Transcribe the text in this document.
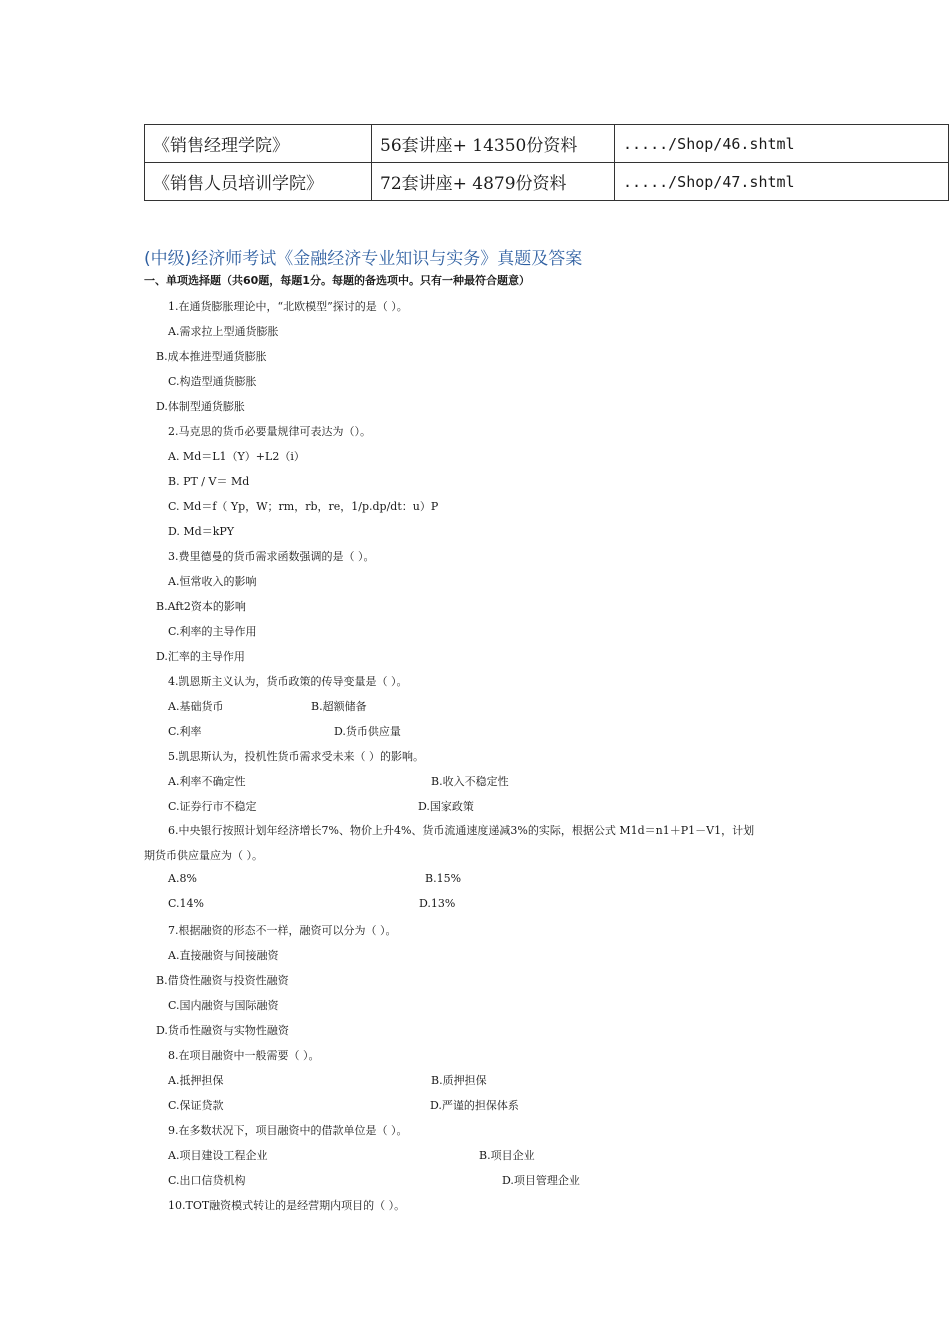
《销售经理学院》	56套讲座+ 14350份资料	...../Shop/46.shtml
《销售人员培训学院》	72套讲座+ 4879份资料	...../Shop/47.shtml
(中级)经济师考试《金融经济专业知识与实务》真题及答案
一、单项选择题（共60题，每题1分。每题的备选项中。只有一种最符合题意）
1.在通货膨胀理论中，“北欧模型”探讨的是（ ）。
A.需求拉上型通货膨胀
B.成本推进型通货膨胀
C.构造型通货膨胀
D.体制型通货膨胀
2.马克思的货币必要量规律可表达为（）。
A. Md＝L1（Y）+L2（i）
B. PT / V＝ Md
C. Md＝f（ Yp，W；rm，rb，re，1/p.dp/dt：u）P
D. Md＝kPY
3.费里德曼的货币需求函数强调的是（ ）。
A.恒常收入的影响
B.Aft2资本的影响
C.利率的主导作用
D.汇率的主导作用
4.凯恩斯主义认为，货币政策的传导变量是（ ）。
A.基础货币	B.超额储备
C.利率	D.货币供应量
5.凯思斯认为，投机性货币需求受未来（ ）的影响。
A.利率不确定性	B.收入不稳定性
C.证券行市不稳定	D.国家政策
6.中央银行按照计划年经济增长7%、物价上升4%、货币流通速度递减3%的实际，根据公式 M1d＝n1＋P1－V1，计划
期货币供应量应为（ ）。
A.8%	B.15%
C.14%	D.13%
7.根据融资的形态不一样，融资可以分为（ ）。
A.直接融资与间接融资
B.借贷性融资与投资性融资
C.国内融资与国际融资
D.货币性融资与实物性融资
8.在项目融资中一般需要（ ）。
A.抵押担保	B.质押担保
C.保证贷款	D.严谨的担保体系
9.在多数状况下，项目融资中的借款单位是（ ）。
A.项目建设工程企业	B.项目企业
C.出口信贷机构	D.项目管理企业
10.TOT融资模式转让的是经营期内项目的（ ）。
